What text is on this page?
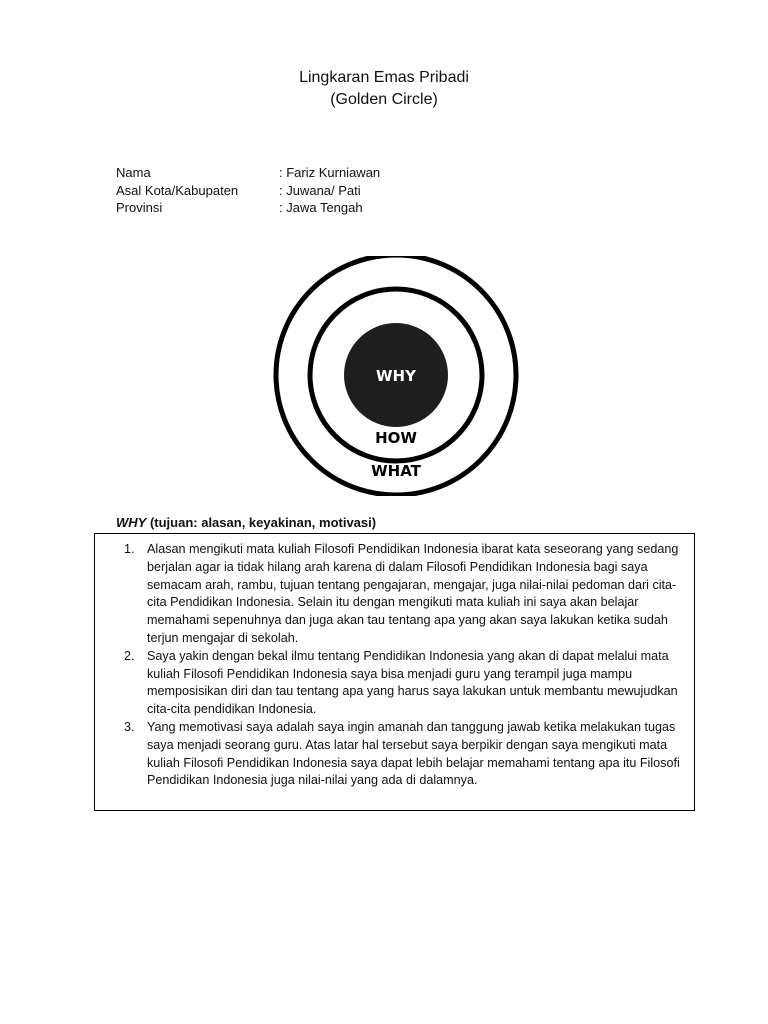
Lingkaran Emas Pribadi
(Golden Circle)
Nama	: Fariz Kurniawan
Asal Kota/Kabupaten	: Juwana/ Pati
Provinsi	: Jawa Tengah
WHY
HOW
WHAT
WHY (tujuan: alasan, keyakinan, motivasi)
1. Alasan mengikuti mata kuliah Filosofi Pendidikan Indonesia ibarat kata seseorang yang sedang berjalan agar ia tidak hilang arah karena di dalam Filosofi Pendidikan Indonesia bagi saya semacam arah, rambu, tujuan tentang pengajaran, mengajar, juga nilai-nilai pedoman dari cita-cita Pendidikan Indonesia. Selain itu dengan mengikuti mata kuliah ini saya akan belajar memahami sepenuhnya dan juga akan tau tentang apa yang akan saya lakukan ketika sudah terjun mengajar di sekolah.
2. Saya yakin dengan bekal ilmu tentang Pendidikan Indonesia yang akan di dapat melalui mata kuliah Filosofi Pendidikan Indonesia saya bisa menjadi guru yang terampil juga mampu memposisikan diri dan tau tentang apa yang harus saya lakukan untuk membantu mewujudkan cita-cita pendidikan Indonesia.
3. Yang memotivasi saya adalah saya ingin amanah dan tanggung jawab ketika melakukan tugas saya menjadi seorang guru. Atas latar hal tersebut saya berpikir dengan saya mengikuti mata kuliah Filosofi Pendidikan Indonesia saya dapat lebih belajar memahami tentang apa itu Filosofi Pendidikan Indonesia juga nilai-nilai yang ada di dalamnya.
